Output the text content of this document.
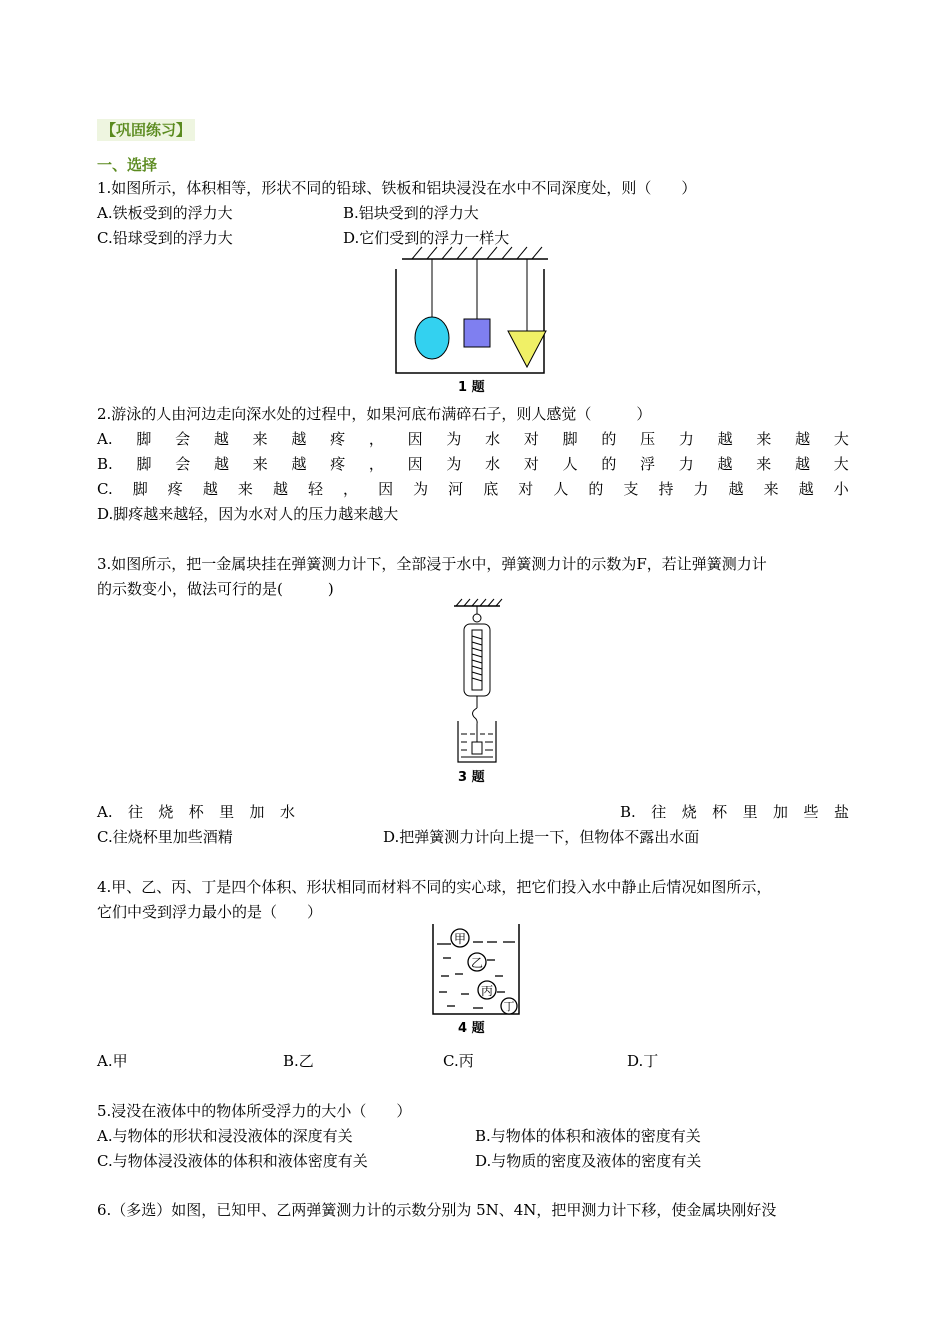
【巩固练习】
一、选择
1.如图所示，体积相等，形状不同的铅球、铁板和铝块浸没在水中不同深度处，则（　　）
A.铁板受到的浮力大	B.铝块受到的浮力大
C.铅球受到的浮力大	D.它们受到的浮力一样大
1 题
2.游泳的人由河边走向深水处的过程中，如果河底布满碎石子，则人感觉（　　　）
A. 脚 会 越 来 越 疼 ， 因 为 水 对 脚 的 压 力 越 来 越 大
B. 脚 会 越 来 越 疼 ， 因 为 水 对 人 的 浮 力 越 来 越 大
C. 脚 疼 越 来 越 轻 ， 因 为 河 底 对 人 的 支 持 力 越 来 越 小
D.脚疼越来越轻，因为水对人的压力越来越大
3.如图所示，把一金属块挂在弹簧测力计下，全部浸于水中，弹簧测力计的示数为F，若让弹簧测力计
的示数变小，做法可行的是(　　　)
3 题
A. 往 烧 杯 里 加 水	B. 往 烧 杯 里 加 些 盐
C.往烧杯里加些酒精	D.把弹簧测力计向上提一下，但物体不露出水面
4.甲、乙、丙、丁是四个体积、形状相同而材料不同的实心球，把它们投入水中静止后情况如图所示，
它们中受到浮力最小的是（　　）
甲
乙
丙
丁
4 题
A.甲	B.乙	C.丙	D.丁
5.浸没在液体中的物体所受浮力的大小（　　）
A.与物体的形状和浸没液体的深度有关	B.与物体的体积和液体的密度有关
C.与物体浸没液体的体积和液体密度有关	D.与物质的密度及液体的密度有关
6.（多选）如图，已知甲、乙两弹簧测力计的示数分别为 5N、4N，把甲测力计下移，使金属块刚好没
